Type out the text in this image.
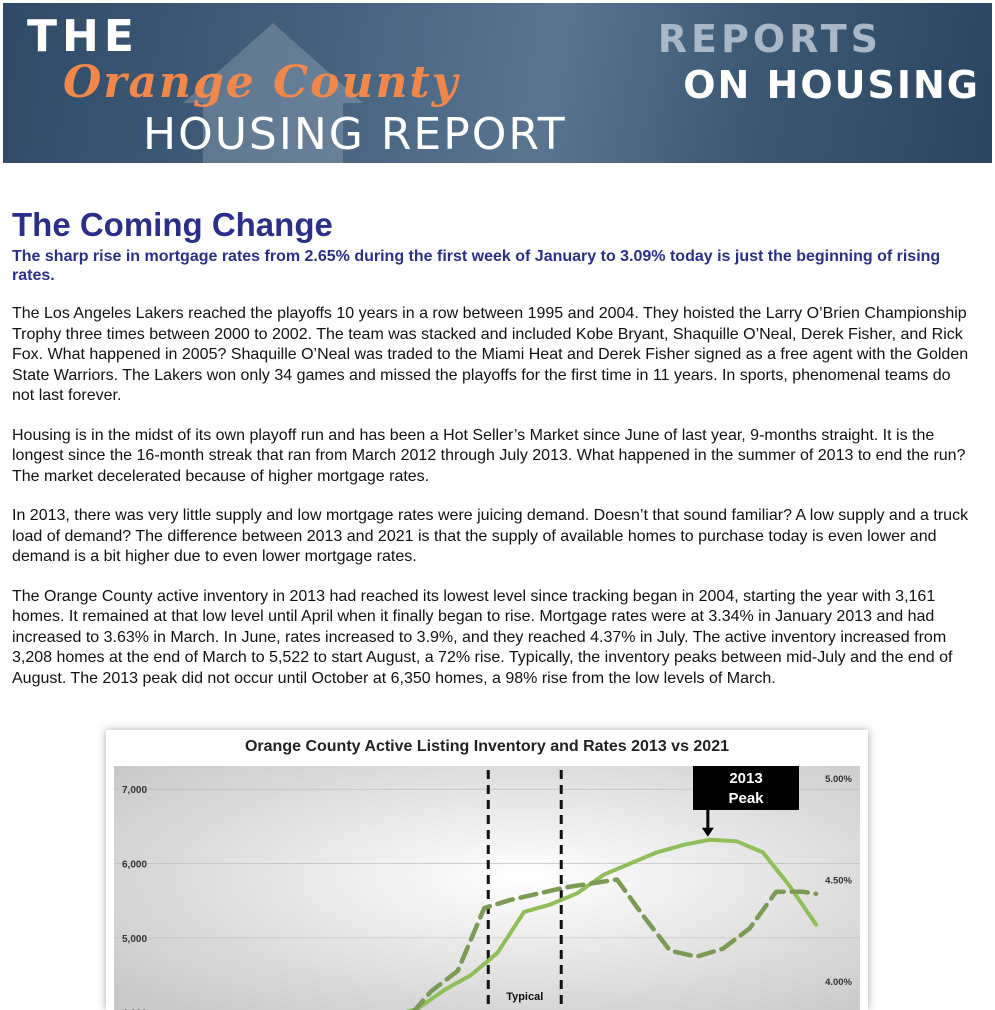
THE
Orange County
HOUSING REPORT
REPORTS
ON HOUSING
The Coming Change

The sharp rise in mortgage rates from 2.65% during the first week of January to 3.09% today is just the beginning of rising rates.

The Los Angeles Lakers reached the playoffs 10 years in a row between 1995 and 2004. They hoisted the Larry O’Brien Championship Trophy three times between 2000 to 2002. The team was stacked and included Kobe Bryant, Shaquille O’Neal, Derek Fisher, and Rick Fox. What happened in 2005? Shaquille O’Neal was traded to the Miami Heat and Derek Fisher signed as a free agent with the Golden State Warriors. The Lakers won only 34 games and missed the playoffs for the first time in 11 years. In sports, phenomenal teams do not last forever.

Housing is in the midst of its own playoff run and has been a Hot Seller’s Market since June of last year, 9-months straight. It is the longest since the 16-month streak that ran from March 2012 through July 2013. What happened in the summer of 2013 to end the run? The market decelerated because of higher mortgage rates.

In 2013, there was very little supply and low mortgage rates were juicing demand. Doesn’t that sound familiar? A low supply and a truck load of demand? The difference between 2013 and 2021 is that the supply of available homes to purchase today is even lower and demand is a bit higher due to even lower mortgage rates.

The Orange County active inventory in 2013 had reached its lowest level since tracking began in 2004, starting the year with 3,161 homes. It remained at that low level until April when it finally began to rise. Mortgage rates were at 3.34% in January 2013 and had increased to 3.63% in March. In June, rates increased to 3.9%, and they reached 4.37% in July. The active inventory increased from 3,208 homes at the end of March to 5,522 to start August, a 72% rise. Typically, the inventory peaks between mid-July and the end of August. The 2013 peak did not occur until October at 6,350 homes, a 98% rise from the low levels of March.

7,000
6,000
5,000
5.00%
4.50%
4.00%
Typical
2013
Peak
Orange County Active Listing Inventory and Rates 2013 vs 2021
